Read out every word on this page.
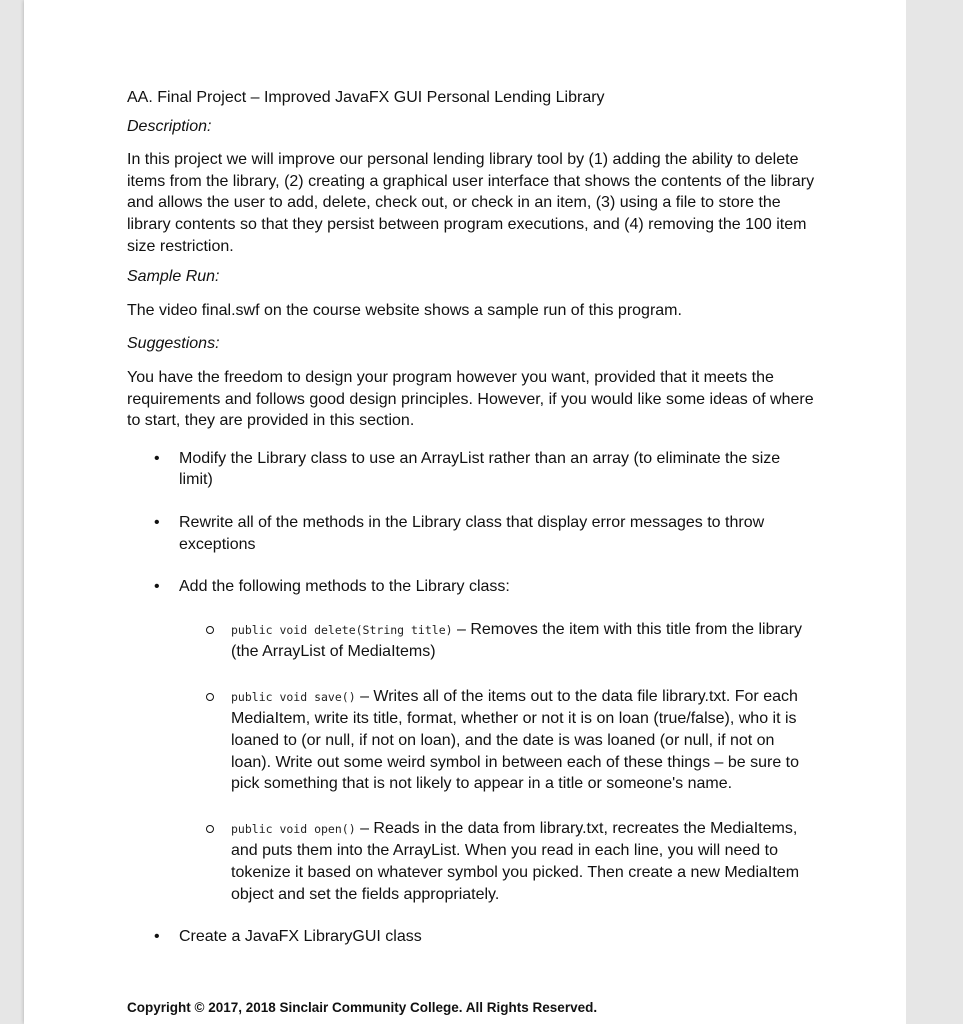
AA. Final Project – Improved JavaFX GUI Personal Lending Library
Description:
In this project we will improve our personal lending library tool by (1) adding the ability to delete items from the library, (2) creating a graphical user interface that shows the contents of the library and allows the user to add, delete, check out, or check in an item, (3) using a file to store the library contents so that they persist between program executions, and (4) removing the 100 item size restriction.
Sample Run:
The video final.swf on the course website shows a sample run of this program.
Suggestions:
You have the freedom to design your program however you want, provided that it meets the requirements and follows good design principles. However, if you would like some ideas of where to start, they are provided in this section.
• Modify the Library class to use an ArrayList rather than an array (to eliminate the size limit)
• Rewrite all of the methods in the Library class that display error messages to throw exceptions
• Add the following methods to the Library class:
public void delete(String title) – Removes the item with this title from the library (the ArrayList of MediaItems)
public void save() – Writes all of the items out to the data file library.txt. For each MediaItem, write its title, format, whether or not it is on loan (true/false), who it is loaned to (or null, if not on loan), and the date is was loaned (or null, if not on loan). Write out some weird symbol in between each of these things – be sure to pick something that is not likely to appear in a title or someone's name.
public void open() – Reads in the data from library.txt, recreates the MediaItems, and puts them into the ArrayList. When you read in each line, you will need to tokenize it based on whatever symbol you picked. Then create a new MediaItem object and set the fields appropriately.
• Create a JavaFX LibraryGUI class
Copyright © 2017, 2018 Sinclair Community College. All Rights Reserved.
